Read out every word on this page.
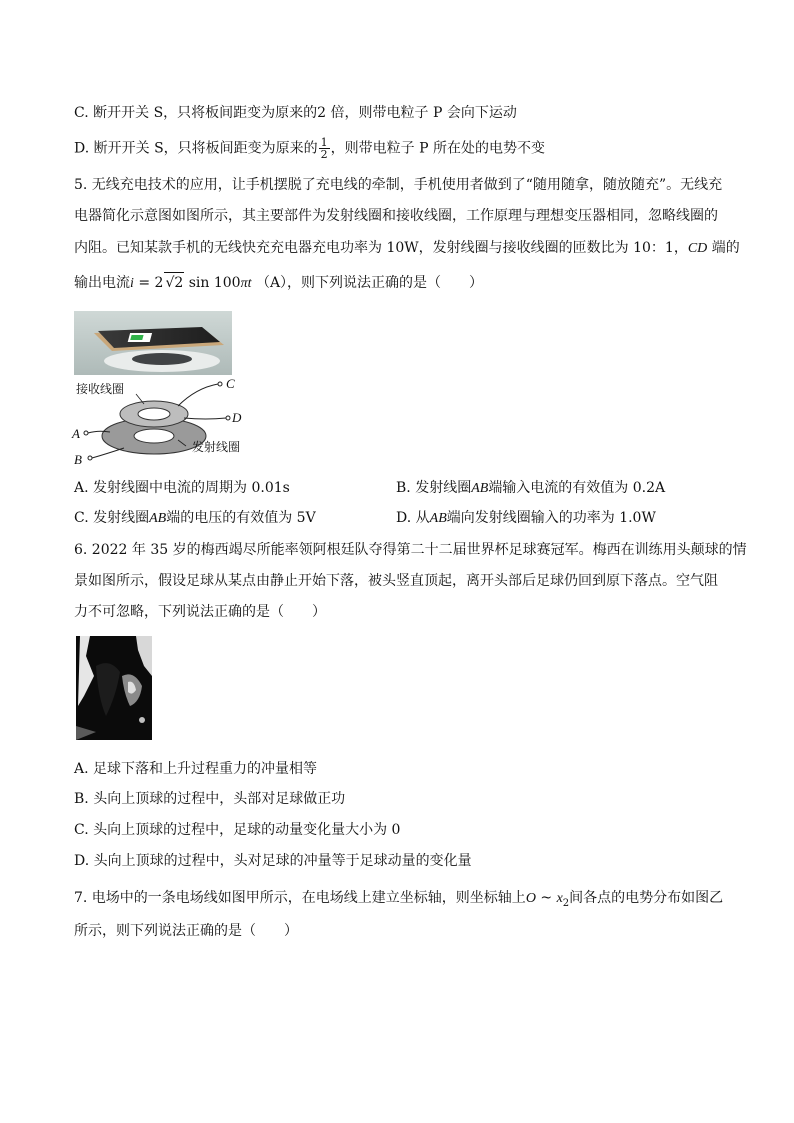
C. 断开开关 S，只将板间距变为原来的2 倍，则带电粒子 P 会向下运动
D. 断开开关 S，只将板间距变为原来的 $\frac{1}{2}$ ，则带电粒子 P 所在处的电势不变
5. 无线充电技术的应用，让手机摆脱了充电线的牵制，手机使用者做到了“随用随拿，随放随充”。无线充
电器简化示意图如图所示，其主要部件为发射线圈和接收线圈，工作原理与理想变压器相同，忽略线圈的
内阻。已知某款手机的无线快充充电器充电功率为 10W，发射线圈与接收线圈的匝数比为 10：1，CD 端的
输出电流i = 2 √2 sin 100πt （A），则下列说法正确的是（　　）
接收线圈
发射线圈
C
D
A
B
A. 发射线圈中电流的周期为 0.01s	B. 发射线圈AB端输入电流的有效值为 0.2A
C. 发射线圈AB端的电压的有效值为 5V	D. 从AB端向发射线圈输入的功率为 1.0W
6. 2022 年 35 岁的梅西竭尽所能率领阿根廷队夺得第二十二届世界杯足球赛冠军。梅西在训练用头颠球的情
景如图所示，假设足球从某点由静止开始下落，被头竖直顶起，离开头部后足球仍回到原下落点。空气阻
力不可忽略，下列说法正确的是（　　）
A. 足球下落和上升过程重力的冲量相等
B. 头向上顶球的过程中，头部对足球做正功
C. 头向上顶球的过程中，足球的动量变化量大小为 0
D. 头向上顶球的过程中，头对足球的冲量等于足球动量的变化量
7. 电场中的一条电场线如图甲所示，在电场线上建立坐标轴，则坐标轴上O ~ $x_2$间各点的电势分布如图乙
所示，则下列说法正确的是（　　）
